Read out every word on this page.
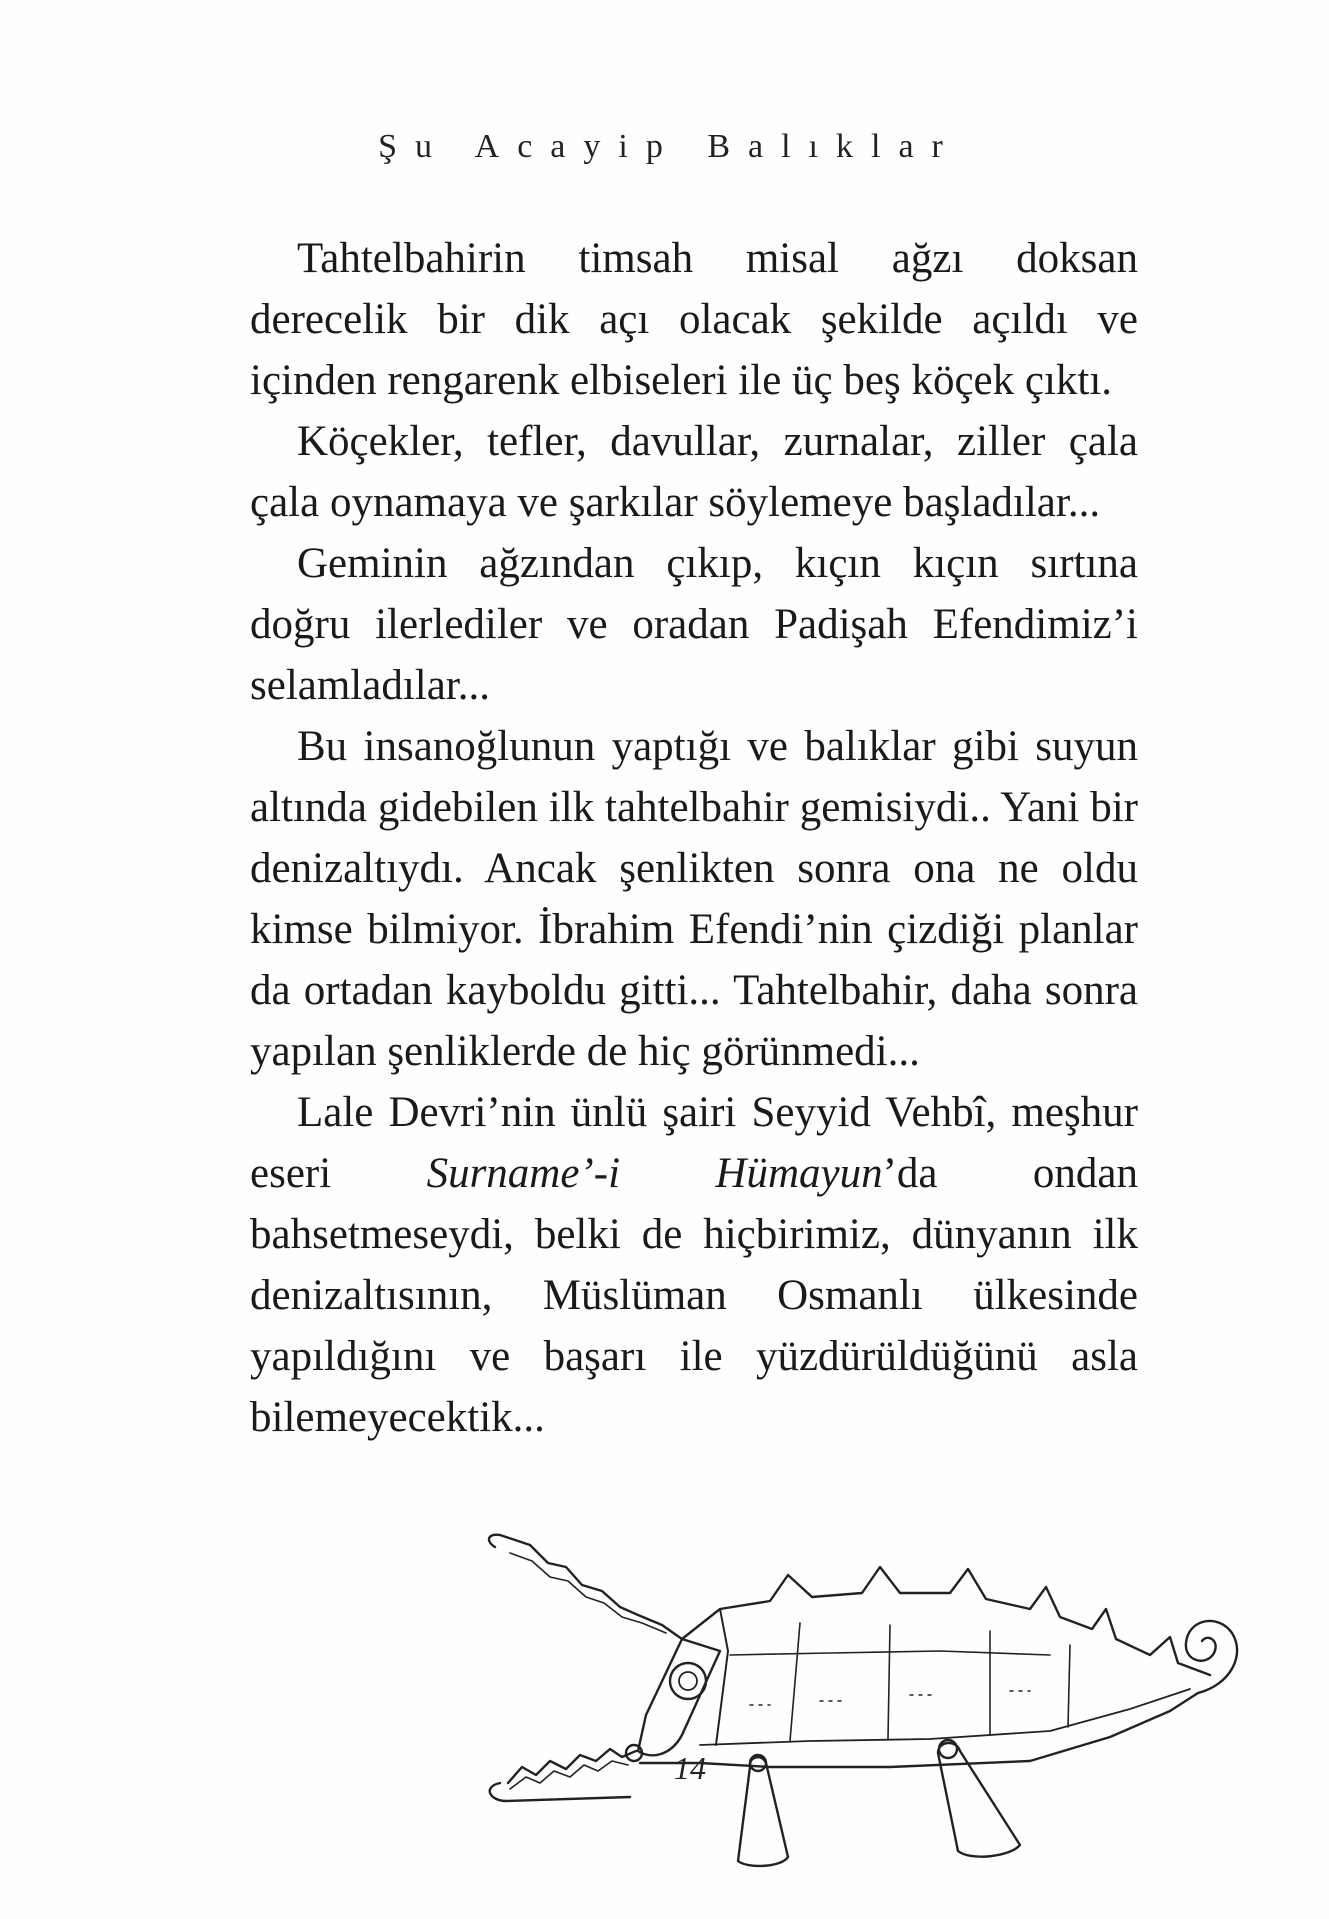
Şu Acayip Balıklar

Tahtelbahirin timsah misal ağzı doksan derecelik bir dik açı olacak şekilde açıldı ve içinden rengarenk elbiseleri ile üç beş köçek çıktı.

Köçekler, tefler, davullar, zurnalar, ziller çala çala oynamaya ve şarkılar söylemeye başladılar...

Geminin ağzından çıkıp, kıçın kıçın sırtına doğru ilerlediler ve oradan Padişah Efendimiz’i selamladılar...

Bu insanoğlunun yaptığı ve balıklar gibi suyun altında gidebilen ilk tahtelbahir gemisiydi.. Yani bir denizaltıydı. Ancak şenlikten sonra ona ne oldu kimse bilmiyor. İbrahim Efendi’nin çizdiği planlar da ortadan kayboldu gitti... Tahtelbahir, daha sonra yapılan şenliklerde de hiç görünmedi...

Lale Devri’nin ünlü şairi Seyyid Vehbî, meşhur eseri Surname’-i Hümayun’da ondan bahsetmeseydi, belki de hiçbirimiz, dünyanın ilk denizaltısının, Müslüman Osmanlı ülkesinde yapıldığını ve başarı ile yüzdürüldüğünü asla bilemeyecektik...

14
